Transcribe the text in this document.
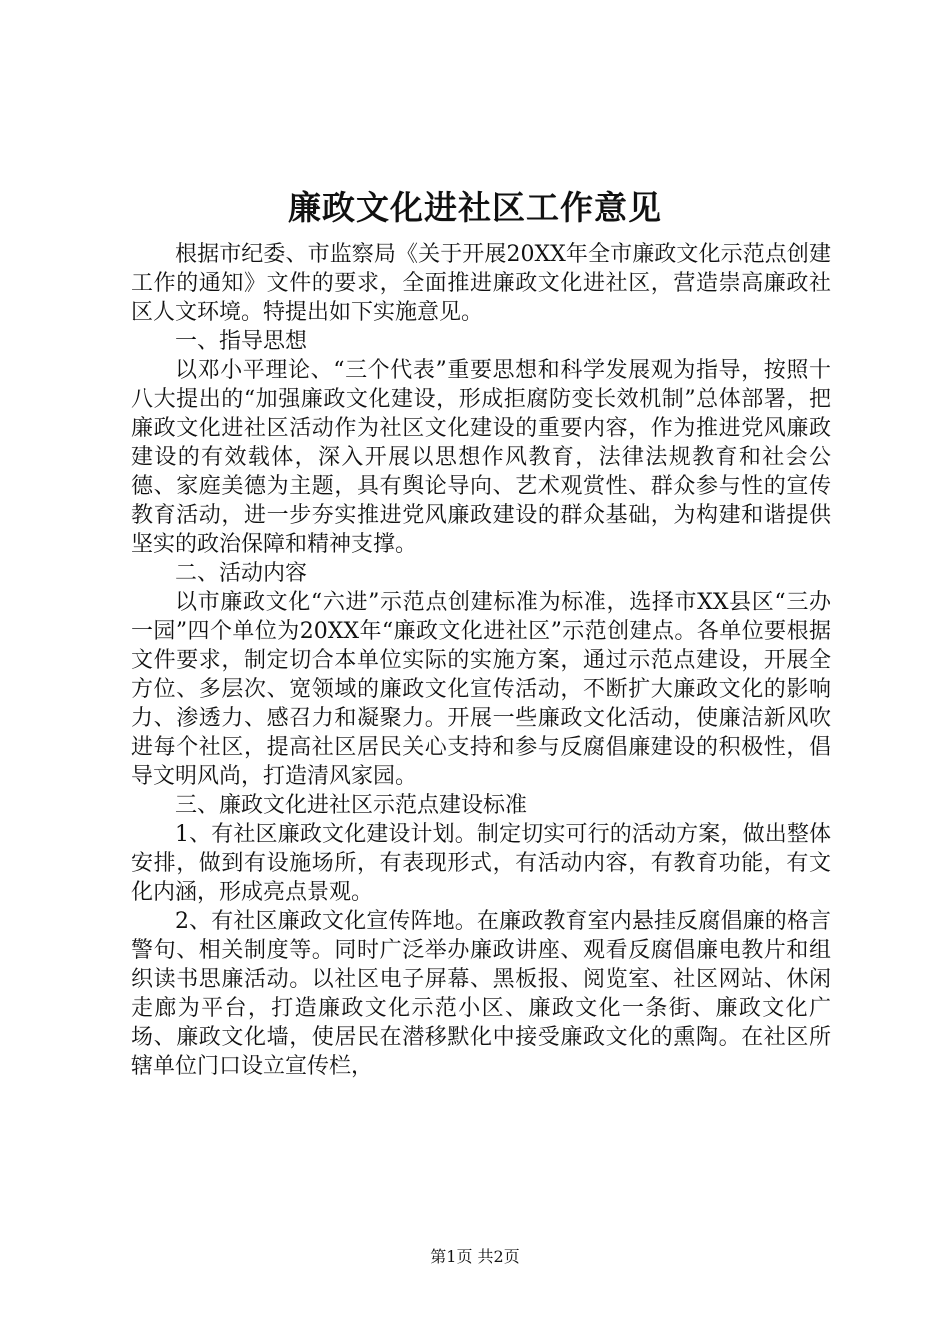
廉政文化进社区工作意见

根据市纪委、市监察局《关于开展20XX年全市廉政文化示范点创建工作的通知》文件的要求，全面推进廉政文化进社区，营造崇高廉政社区人文环境。特提出如下实施意见。

一、指导思想

以邓小平理论、“三个代表”重要思想和科学发展观为指导，按照十八大提出的“加强廉政文化建设，形成拒腐防变长效机制”总体部署，把廉政文化进社区活动作为社区文化建设的重要内容，作为推进党风廉政建设的有效载体，深入开展以思想作风教育，法律法规教育和社会公德、家庭美德为主题，具有舆论导向、艺术观赏性、群众参与性的宣传教育活动，进一步夯实推进党风廉政建设的群众基础，为构建和谐提供坚实的政治保障和精神支撑。

二、活动内容

以市廉政文化“六进”示范点创建标准为标准，选择市XX县区“三办一园”四个单位为20XX年“廉政文化进社区”示范创建点。各单位要根据文件要求，制定切合本单位实际的实施方案，通过示范点建设，开展全方位、多层次、宽领域的廉政文化宣传活动，不断扩大廉政文化的影响力、渗透力、感召力和凝聚力。开展一些廉政文化活动，使廉洁新风吹进每个社区，提高社区居民关心支持和参与反腐倡廉建设的积极性，倡导文明风尚，打造清风家园。

三、廉政文化进社区示范点建设标准

1、有社区廉政文化建设计划。制定切实可行的活动方案，做出整体安排，做到有设施场所，有表现形式，有活动内容，有教育功能，有文化内涵，形成亮点景观。

2、有社区廉政文化宣传阵地。在廉政教育室内悬挂反腐倡廉的格言警句、相关制度等。同时广泛举办廉政讲座、观看反腐倡廉电教片和组织读书思廉活动。以社区电子屏幕、黑板报、阅览室、社区网站、休闲走廊为平台，打造廉政文化示范小区、廉政文化一条街、廉政文化广场、廉政文化墙，使居民在潜移默化中接受廉政文化的熏陶。在社区所辖单位门口设立宣传栏，

第1页 共2页
